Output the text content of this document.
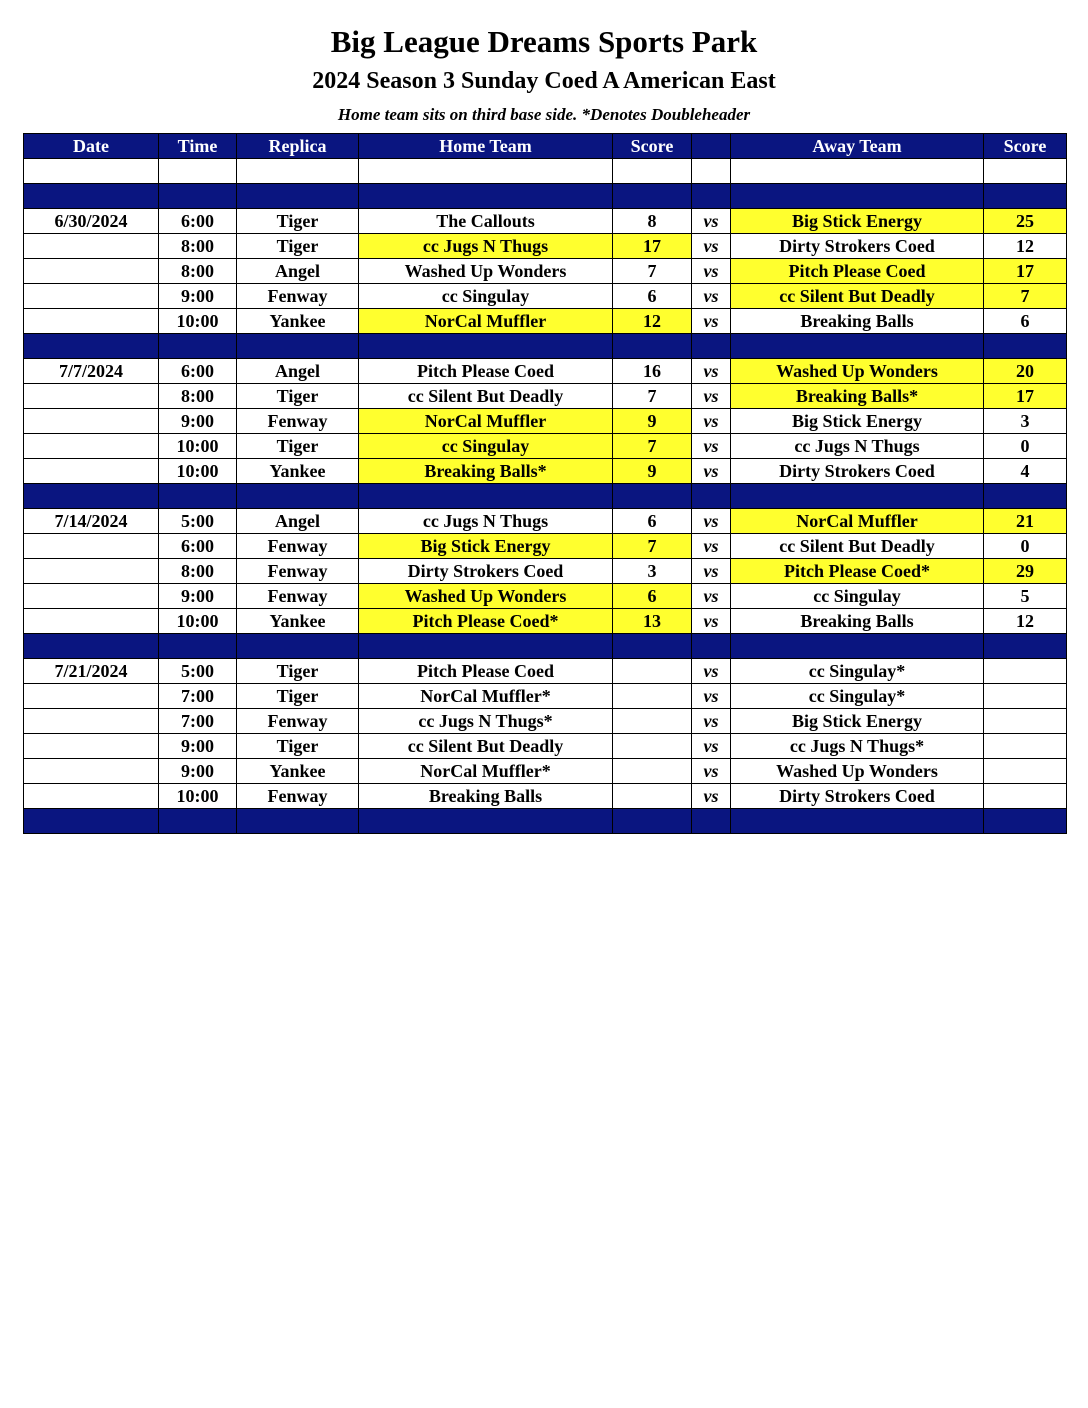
Big League Dreams Sports Park
2024 Season 3 Sunday Coed A American East
Home team sits on third base side. *Denotes Doubleheader
Date	Time	Replica	Home Team	Score		Away Team	Score

6/30/2024	6:00	Tiger	The Callouts	8	vs	Big Stick Energy	25
	8:00	Tiger	cc Jugs N Thugs	17	vs	Dirty Strokers Coed	12
	8:00	Angel	Washed Up Wonders	7	vs	Pitch Please Coed	17
	9:00	Fenway	cc Singulay	6	vs	cc Silent But Deadly	7
	10:00	Yankee	NorCal Muffler	12	vs	Breaking Balls	6

7/7/2024	6:00	Angel	Pitch Please Coed	16	vs	Washed Up Wonders	20
	8:00	Tiger	cc Silent But Deadly	7	vs	Breaking Balls*	17
	9:00	Fenway	NorCal Muffler	9	vs	Big Stick Energy	3
	10:00	Tiger	cc Singulay	7	vs	cc Jugs N Thugs	0
	10:00	Yankee	Breaking Balls*	9	vs	Dirty Strokers Coed	4

7/14/2024	5:00	Angel	cc Jugs N Thugs	6	vs	NorCal Muffler	21
	6:00	Fenway	Big Stick Energy	7	vs	cc Silent But Deadly	0
	8:00	Fenway	Dirty Strokers Coed	3	vs	Pitch Please Coed*	29
	9:00	Fenway	Washed Up Wonders	6	vs	cc Singulay	5
	10:00	Yankee	Pitch Please Coed*	13	vs	Breaking Balls	12

7/21/2024	5:00	Tiger	Pitch Please Coed		vs	cc Singulay*	
	7:00	Tiger	NorCal Muffler*		vs	cc Singulay*	
	7:00	Fenway	cc Jugs N Thugs*		vs	Big Stick Energy	
	9:00	Tiger	cc Silent But Deadly		vs	cc Jugs N Thugs*	
	9:00	Yankee	NorCal Muffler*		vs	Washed Up Wonders	
	10:00	Fenway	Breaking Balls		vs	Dirty Strokers Coed	
